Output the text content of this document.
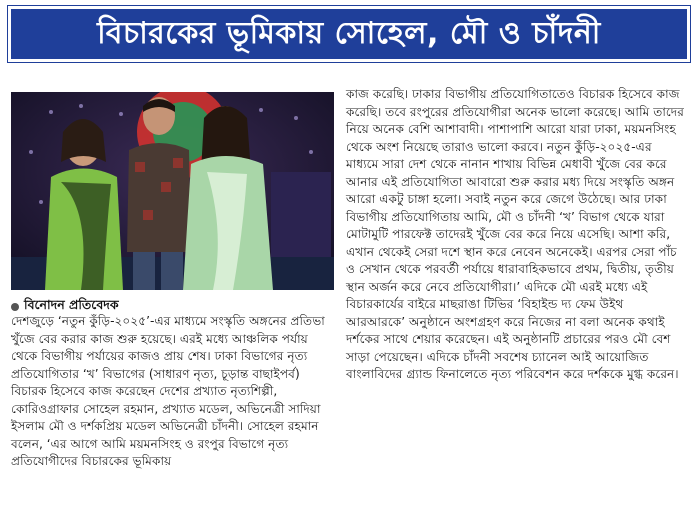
বিচারকের ভূমিকায় সোহেল, মৌ ও চাঁদনী
বিনোদন প্রতিবেদক

দেশজুড়ে ‘নতুন কুঁড়ি-২০২৫’-এর মাধ্যমে সংস্কৃতি অঙ্গনের প্রতিভা খুঁজে বের করার কাজ শুরু হয়েছে। এরই মধ্যে আঞ্চলিক পর্যায় থেকে বিভাগীয় পর্যায়ের কাজও প্রায় শেষ। ঢাকা বিভাগের নৃত্য প্রতিযোগিতার ‘খ’ বিভাগের (সাধারণ নৃত্য, চূড়ান্ত বাছাইপর্ব) বিচারক হিসেবে কাজ করেছেন দেশের প্রখ্যাত নৃত্যশিল্পী, কোরিওগ্রাফার সোহেল রহমান, প্রখ্যাত মডেল, অভিনেত্রী সাদিয়া ইসলাম মৌ ও দর্শকপ্রিয় মডেল অভিনেত্রী চাঁদনী। সোহেল রহমান বলেন, ‘এর আগে আমি ময়মনসিংহ ও রংপুর বিভাগে নৃত্য প্রতিযোগীদের বিচারকের ভূমিকায়

কাজ করেছি। ঢাকার বিভাগীয় প্রতিযোগিতাতেও বিচারক হিসেবে কাজ করেছি। তবে রংপুরের প্রতিযোগীরা অনেক ভালো করেছে। আমি তাদের নিয়ে অনেক বেশি আশাবাদী। পাশাপাশি আরো যারা ঢাকা, ময়মনসিংহ থেকে অংশ নিয়েছে তারাও ভালো করবে। নতুন কুঁড়ি-২০২৫-এর মাধ্যমে সারা দেশ থেকে নানান শাখায় বিভিন্ন মেধাবী খুঁজে বের করে আনার এই প্রতিযোগিতা আবারো শুরু করার মধ্য দিয়ে সংস্কৃতি অঙ্গন আরো একটু চাঙ্গা হলো। সবাই নতুন করে জেগে উঠেছে। আর ঢাকা বিভাগীয় প্রতিযোগিতায় আমি, মৌ ও চাঁদনী ‘খ’ বিভাগ থেকে যারা মোটামুটি পারফেক্ট তাদেরই খুঁজে বের করে নিয়ে এসেছি। আশা করি, এখান থেকেই সেরা দশে স্থান করে নেবেন অনেকেই। এরপর সেরা পাঁচ ও সেখান থেকে পরবর্তী পর্যায়ে ধারাবাহিকভাবে প্রথম, দ্বিতীয়, তৃতীয় স্থান অর্জন করে নেবে প্রতিযোগীরা।’ এদিকে মৌ এরই মধ্যে এই বিচারকার্যের বাইরে মাছরাঙা টিভির ‘বিহাইন্ড দ্য ফেম উইথ আরআরকে’ অনুষ্ঠানে অংশগ্রহণ করে নিজের না বলা অনেক কথাই দর্শকের সাথে শেয়ার করেছেন। এই অনুষ্ঠানটি প্রচারের পরও মৌ বেশ সাড়া পেয়েছেন। এদিকে চাঁদনী সবশেষ চ্যানেল আই আয়োজিত বাংলাবিদের গ্র্যান্ড ফিনালেতে নৃত্য পরিবেশন করে দর্শককে মুগ্ধ করেন।
